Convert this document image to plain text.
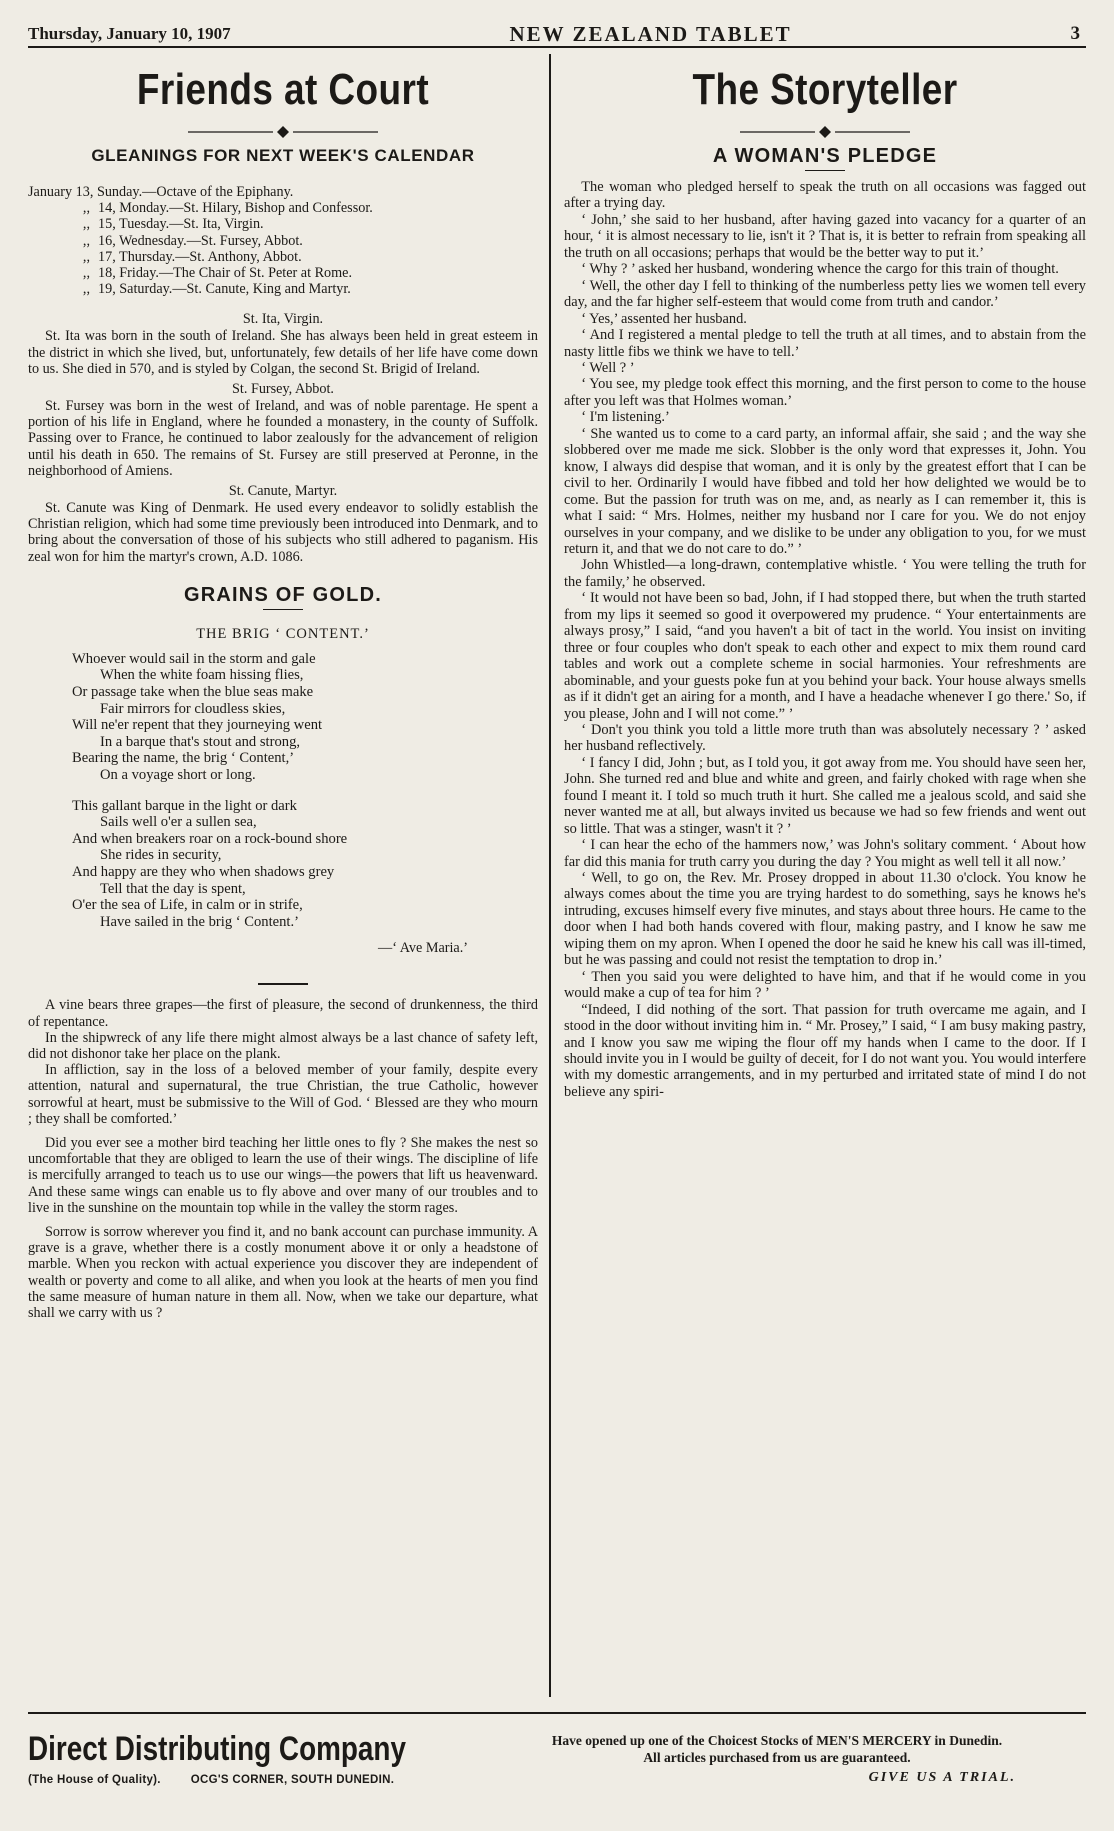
Thursday, January 10, 1907	NEW ZEALAND TABLET	3
Friends at Court
GLEANINGS FOR NEXT WEEK'S CALENDAR
January 13, Sunday.—Octave of the Epiphany.
,, 14, Monday.—St. Hilary, Bishop and Confessor.
,, 15, Tuesday.—St. Ita, Virgin.
,, 16, Wednesday.—St. Fursey, Abbot.
,, 17, Thursday.—St. Anthony, Abbot.
,, 18, Friday.—The Chair of St. Peter at Rome.
,, 19, Saturday.—St. Canute, King and Martyr.
St. Ita, Virgin.

St. Ita was born in the south of Ireland. She has always been held in great esteem in the district in which she lived, but, unfortunately, few details of her life have come down to us. She died in 570, and is styled by Colgan, the second St. Brigid of Ireland.

St. Fursey, Abbot.

St. Fursey was born in the west of Ireland, and was of noble parentage. He spent a portion of his life in England, where he founded a monastery, in the county of Suffolk. Passing over to France, he continued to labor zealously for the advancement of religion until his death in 650. The remains of St. Fursey are still preserved at Peronne, in the neighborhood of Amiens.

St. Canute, Martyr.

St. Canute was King of Denmark. He used every endeavor to solidly establish the Christian religion, which had some time previously been introduced into Denmark, and to bring about the conversation of those of his subjects who still adhered to paganism. His zeal won for him the martyr's crown, A.D. 1086.

GRAINS OF GOLD.
THE BRIG ‘ CONTENT.’
Whoever would sail in the storm and gale
When the white foam hissing flies,
Or passage take when the blue seas make
Fair mirrors for cloudless skies,
Will ne'er repent that they journeying went
In a barque that's stout and strong,
Bearing the name, the brig ‘ Content,’
On a voyage short or long.
This gallant barque in the light or dark
Sails well o'er a sullen sea,
And when breakers roar on a rock-bound shore
She rides in security,
And happy are they who when shadows grey
Tell that the day is spent,
O'er the sea of Life, in calm or in strife,
Have sailed in the brig ‘ Content.’
—‘ Ave Maria.’

A vine bears three grapes—the first of pleasure, the second of drunkenness, the third of repentance.

In the shipwreck of any life there might almost always be a last chance of safety left, did not dishonor take her place on the plank.

In affliction, say in the loss of a beloved member of your family, despite every attention, natural and supernatural, the true Christian, the true Catholic, however sorrowful at heart, must be submissive to the Will of God. ‘ Blessed are they who mourn ; they shall be comforted.’

Did you ever see a mother bird teaching her little ones to fly ? She makes the nest so uncomfortable that they are obliged to learn the use of their wings. The discipline of life is mercifully arranged to teach us to use our wings—the powers that lift us heavenward. And these same wings can enable us to fly above and over many of our troubles and to live in the sunshine on the mountain top while in the valley the storm rages.

Sorrow is sorrow wherever you find it, and no bank account can purchase immunity. A grave is a grave, whether there is a costly monument above it or only a headstone of marble. When you reckon with actual experience you discover they are independent of wealth or poverty and come to all alike, and when you look at the hearts of men you find the same measure of human nature in them all. Now, when we take our departure, what shall we carry with us ?

The Storyteller
A WOMAN'S PLEDGE

The woman who pledged herself to speak the truth on all occasions was fagged out after a trying day.

‘ John,’ she said to her husband, after having gazed into vacancy for a quarter of an hour, ‘ it is almost necessary to lie, isn't it ? That is, it is better to refrain from speaking all the truth on all occasions; perhaps that would be the better way to put it.’

‘ Why ? ’ asked her husband, wondering whence the cargo for this train of thought.

‘ Well, the other day I fell to thinking of the numberless petty lies we women tell every day, and the far higher self-esteem that would come from truth and candor.’

‘ Yes,’ assented her husband.

‘ And I registered a mental pledge to tell the truth at all times, and to abstain from the nasty little fibs we think we have to tell.’

‘ Well ? ’

‘ You see, my pledge took effect this morning, and the first person to come to the house after you left was that Holmes woman.’

‘ I'm listening.’

‘ She wanted us to come to a card party, an informal affair, she said ; and the way she slobbered over me made me sick. Slobber is the only word that expresses it, John. You know, I always did despise that woman, and it is only by the greatest effort that I can be civil to her. Ordinarily I would have fibbed and told her how delighted we would be to come. But the passion for truth was on me, and, as nearly as I can remember it, this is what I said: “ Mrs. Holmes, neither my husband nor I care for you. We do not enjoy ourselves in your company, and we dislike to be under any obligation to you, for we must return it, and that we do not care to do.” ’

John Whistled—a long-drawn, contemplative whistle. ‘ You were telling the truth for the family,’ he observed.

‘ It would not have been so bad, John, if I had stopped there, but when the truth started from my lips it seemed so good it overpowered my prudence. “ Your entertainments are always prosy,” I said, “and you haven't a bit of tact in the world. You insist on inviting three or four couples who don't speak to each other and expect to mix them round card tables and work out a complete scheme in social harmonies. Your refreshments are abominable, and your guests poke fun at you behind your back. Your house always smells as if it didn't get an airing for a month, and I have a headache whenever I go there.' So, if you please, John and I will not come.” ’

‘ Don't you think you told a little more truth than was absolutely necessary ? ’ asked her husband reflectively.

‘ I fancy I did, John ; but, as I told you, it got away from me. You should have seen her, John. She turned red and blue and white and green, and fairly choked with rage when she found I meant it. I told so much truth it hurt. She called me a jealous scold, and said she never wanted me at all, but always invited us because we had so few friends and went out so little. That was a stinger, wasn't it ? ’

‘ I can hear the echo of the hammers now,’ was John's solitary comment. ‘ About how far did this mania for truth carry you during the day ? You might as well tell it all now.’

‘ Well, to go on, the Rev. Mr. Prosey dropped in about 11.30 o'clock. You know he always comes about the time you are trying hardest to do something, says he knows he's intruding, excuses himself every five minutes, and stays about three hours. He came to the door when I had both hands covered with flour, making pastry, and I know he saw me wiping them on my apron. When I opened the door he said he knew his call was ill-timed, but he was passing and could not resist the temptation to drop in.’

‘ Then you said you were delighted to have him, and that if he would come in you would make a cup of tea for him ? ’

“Indeed, I did nothing of the sort. That passion for truth overcame me again, and I stood in the door without inviting him in. “ Mr. Prosey,” I said, “ I am busy making pastry, and I know you saw me wiping the flour off my hands when I came to the door. If I should invite you in I would be guilty of deceit, for I do not want you. You would interfere with my domestic arrangements, and in my perturbed and irritated state of mind I do not believe any spiri-

Direct Distributing Company
(The House of Quality).	OCG'S CORNER, SOUTH DUNEDIN.
Have opened up one of the Choicest Stocks of MEN'S MERCERY in Dunedin.
All articles purchased from us are guaranteed.
GIVE US A TRIAL.
